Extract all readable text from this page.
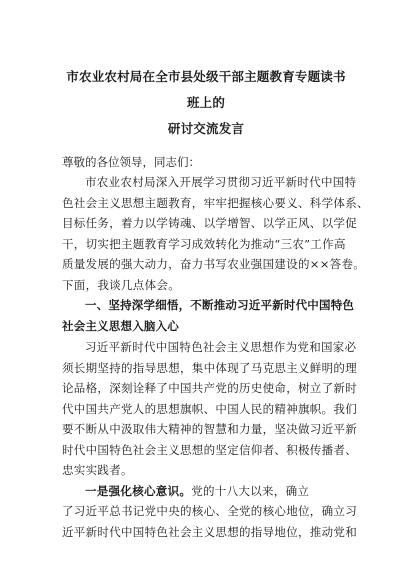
市农业农村局在全市县处级干部主题教育专题读书班上的
研讨交流发言

尊敬的各位领导，同志们：

市农业农村局深入开展学习贯彻习近平新时代中国特
色社会主义思想主题教育，牢牢把握核心要义、科学体系、
目标任务，着力以学铸魂、以学增智、以学正风、以学促
干，切实把主题教育学习成效转化为推动“三农”工作高
质量发展的强大动力，奋力书写农业强国建设的××答卷。
下面，我谈几点体会。

一、坚持深学细悟，不断推动习近平新时代中国特色
社会主义思想入脑入心

习近平新时代中国特色社会主义思想作为党和国家必
须长期坚持的指导思想，集中体现了马克思主义鲜明的理
论品格，深刻诠释了中国共产党的历史使命，树立了新时
代中国共产党人的思想旗帜、中国人民的精神旗帜。我们
要不断从中汲取伟大精神的智慧和力量，坚决做习近平新
时代中国特色社会主义思想的坚定信仰者、积极传播者、
忠实实践者。

一是强化核心意识。党的十八大以来，确立
了习近平总书记党中央的核心、全党的核心地位，确立习
近平新时代中国特色社会主义思想的指导地位，推动党和
